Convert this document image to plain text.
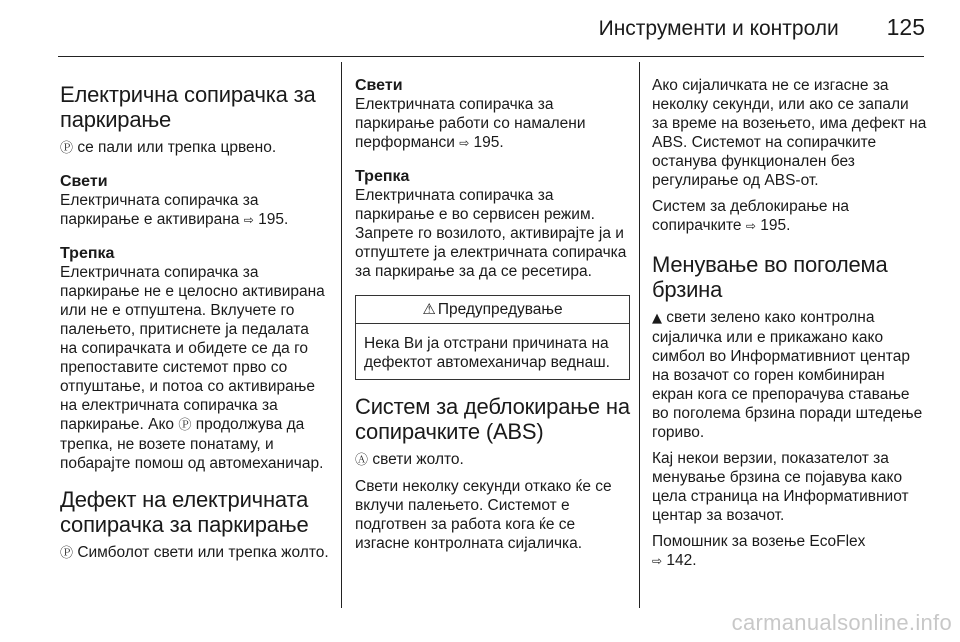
Инструменти и контроли 125
Електрична сопирачка за паркирање

Ⓟ се пали или трепка црвено.

Свети

Електричната сопирачка за паркирање е активирана ⇨ 195.

Трепка

Електричната сопирачка за паркирање не е целосно активирана или не е отпуштена. Вклучете го палењето, притиснете ја педалата на сопирачката и обидете се да го препоставите системот прво со отпуштање, и потоа со активирање на електричната сопирачка за паркирање. Ако Ⓟ продолжува да трепка, не возете понатаму, и побарајте помош од автомеханичар.

Дефект на електричната сопирачка за паркирање

Ⓟ Симболот свети или трепка жолто.

Свети

Електричната сопирачка за паркирање работи со намалени перформанси ⇨ 195.

Трепка

Електричната сопирачка за паркирање е во сервисен режим. Запрете го возилото, активирајте ја и отпуштете ја електричната сопирачка за паркирање за да се ресетира.

⚠ Предупредување
Нека Ви ја отстрани причината на дефектот автомеханичар веднаш.
Систем за деблокирање на сопирачките (ABS)

Ⓐ свети жолто.

Свети неколку секунди откако ќе се вклучи палењето. Системот е подготвен за работа кога ќе се изгасне контролната сијаличка.

Ако сијаличката не се изгасне за неколку секунди, или ако се запали за време на возењето, има дефект на ABS. Системот на сопирачките останува функционален без регулирање од ABS-от.

Систем за деблокирање на сопирачките ⇨ 195.

Менување во поголема брзина

▲ свети зелено како контролна сијаличка или е прикажано како симбол во Информативниот центар на возачот со горен комбиниран екран кога се препорачува ставање во поголема брзина поради штедење гориво.

Кај некои верзии, показателот за менување брзина се појавува како цела страница на Информативниот центар за возачот.

Помошник за возење EcoFlex
⇨ 142.

carmanualsonline.info
